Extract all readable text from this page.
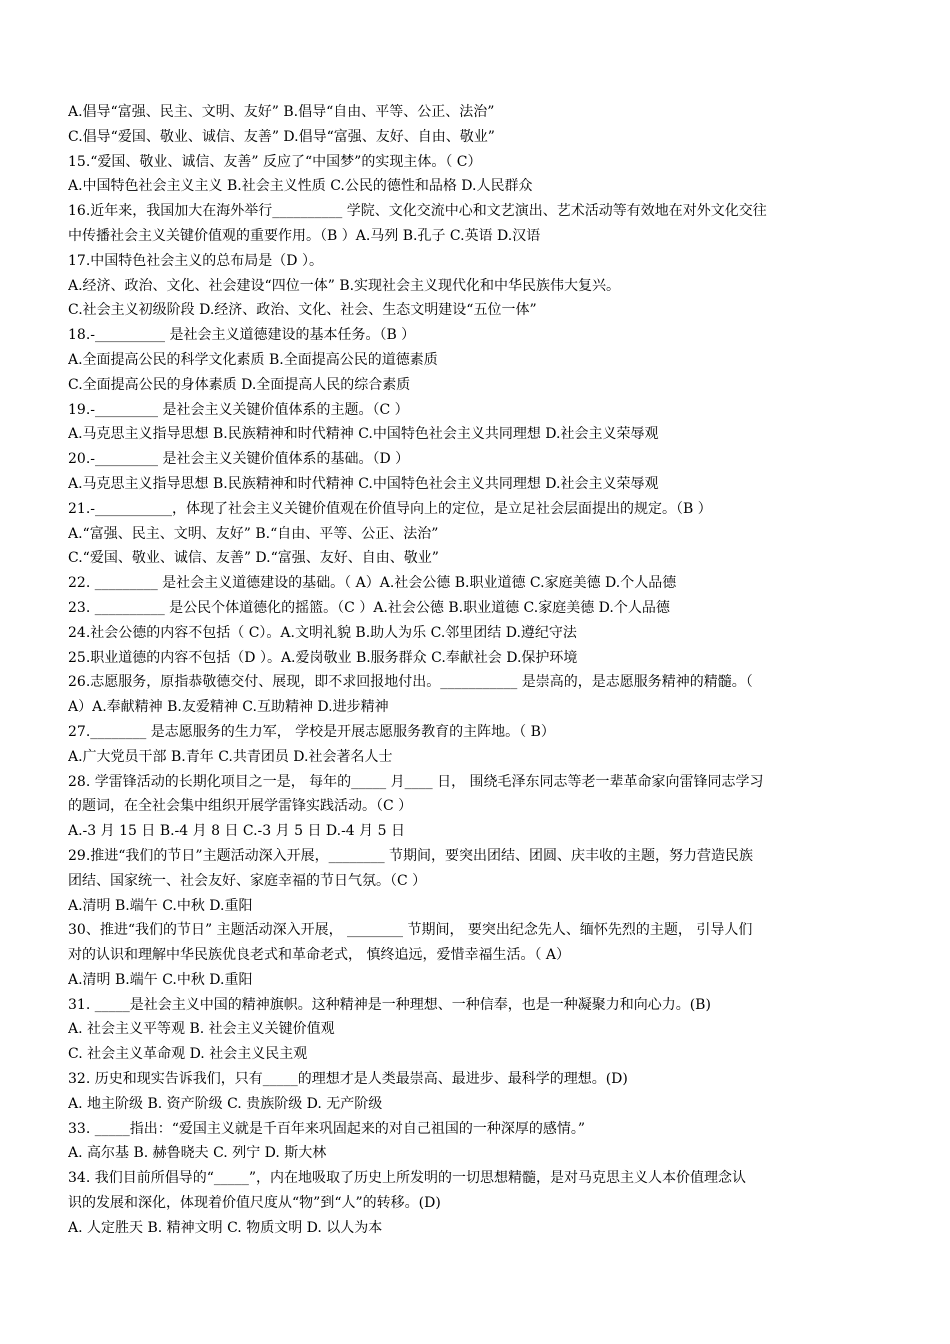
A.倡导“富强、民主、文明、友好” B.倡导“自由、平等、公正、法治”
C.倡导“爱国、敬业、诚信、友善” D.倡导“富强、友好、自由、敬业”
15.“爱国、敬业、诚信、友善” 反应了“中国梦”的实现主体。（ C）
A.中国特色社会主义主义 B.社会主义性质 C.公民的德性和品格 D.人民群众
16.近年来，我国加大在海外举行__________ 学院、文化交流中心和文艺演出、艺术活动等有效地在对外文化交往
中传播社会主义关键价值观的重要作用。（B ）A.马列 B.孔子 C.英语 D.汉语
17.中国特色社会主义的总布局是（D ）。
A.经济、政治、文化、社会建设“四位一体” B.实现社会主义现代化和中华民族伟大复兴。
C.社会主义初级阶段 D.经济、政治、文化、社会、生态文明建设“五位一体”
18.-__________ 是社会主义道德建设的基本任务。（B ）
A.全面提高公民的科学文化素质 B.全面提高公民的道德素质
C.全面提高公民的身体素质 D.全面提高人民的综合素质
19.-_________ 是社会主义关键价值体系的主题。（C ）
A.马克思主义指导思想 B.民族精神和时代精神 C.中国特色社会主义共同理想 D.社会主义荣辱观
20.-_________ 是社会主义关键价值体系的基础。（D ）
A.马克思主义指导思想 B.民族精神和时代精神 C.中国特色社会主义共同理想 D.社会主义荣辱观
21.-___________，体现了社会主义关键价值观在价值导向上的定位，是立足社会层面提出的规定。（B ）
A.“富强、民主、文明、友好” B.“自由、平等、公正、法治”
C.“爱国、敬业、诚信、友善” D.“富强、友好、自由、敬业”
22. _________ 是社会主义道德建设的基础。（ A）A.社会公德 B.职业道德 C.家庭美德 D.个人品德
23. __________ 是公民个体道德化的摇篮。（C ）A.社会公德 B.职业道德 C.家庭美德 D.个人品德
24.社会公德的内容不包括（ C）。A.文明礼貌 B.助人为乐 C.邻里团结 D.遵纪守法
25.职业道德的内容不包括（D ）。A.爱岗敬业 B.服务群众 C.奉献社会 D.保护环境
26.志愿服务，原指恭敬德交付、展现，即不求回报地付出。___________ 是崇高的，是志愿服务精神的精髓。（
A）A.奉献精神 B.友爱精神 C.互助精神 D.进步精神
27.________ 是志愿服务的生力军， 学校是开展志愿服务教育的主阵地。（ B）
A.广大党员干部 B.青年 C.共青团员 D.社会著名人士
28. 学雷锋活动的长期化项目之一是， 每年的_____ 月____ 日， 围绕毛泽东同志等老一辈革命家向雷锋同志学习
的题词，在全社会集中组织开展学雷锋实践活动。（C ）
A.-3 月 15 日 B.-4 月 8 日 C.-3 月 5 日 D.-4 月 5 日
29.推进“我们的节日”主题活动深入开展，________ 节期间，要突出团结、团圆、庆丰收的主题，努力营造民族
团结、国家统一、社会友好、家庭幸福的节日气氛。（C ）
A.清明 B.端午 C.中秋 D.重阳
30、推进“我们的节日” 主题活动深入开展， ________ 节期间， 要突出纪念先人、缅怀先烈的主题， 引导人们
对的认识和理解中华民族优良老式和革命老式， 慎终追远，爱惜幸福生活。（ A）
A.清明 B.端午 C.中秋 D.重阳
31. _____是社会主义中国的精神旗帜。这种精神是一种理想、一种信奉，也是一种凝聚力和向心力。(B)
A. 社会主义平等观 B. 社会主义关键价值观
C. 社会主义革命观 D. 社会主义民主观
32. 历史和现实告诉我们，只有_____的理想才是人类最崇高、最进步、最科学的理想。(D)
A. 地主阶级 B. 资产阶级 C. 贵族阶级 D. 无产阶级
33. _____指出：“爱国主义就是千百年来巩固起来的对自己祖国的一种深厚的感情。”
A. 高尔基 B. 赫鲁晓夫 C. 列宁 D. 斯大林
34. 我们目前所倡导的“_____”，内在地吸取了历史上所发明的一切思想精髓，是对马克思主义人本价值理念认
识的发展和深化，体现着价值尺度从“物”到“人”的转移。(D)
A. 人定胜天 B. 精神文明 C. 物质文明 D. 以人为本
